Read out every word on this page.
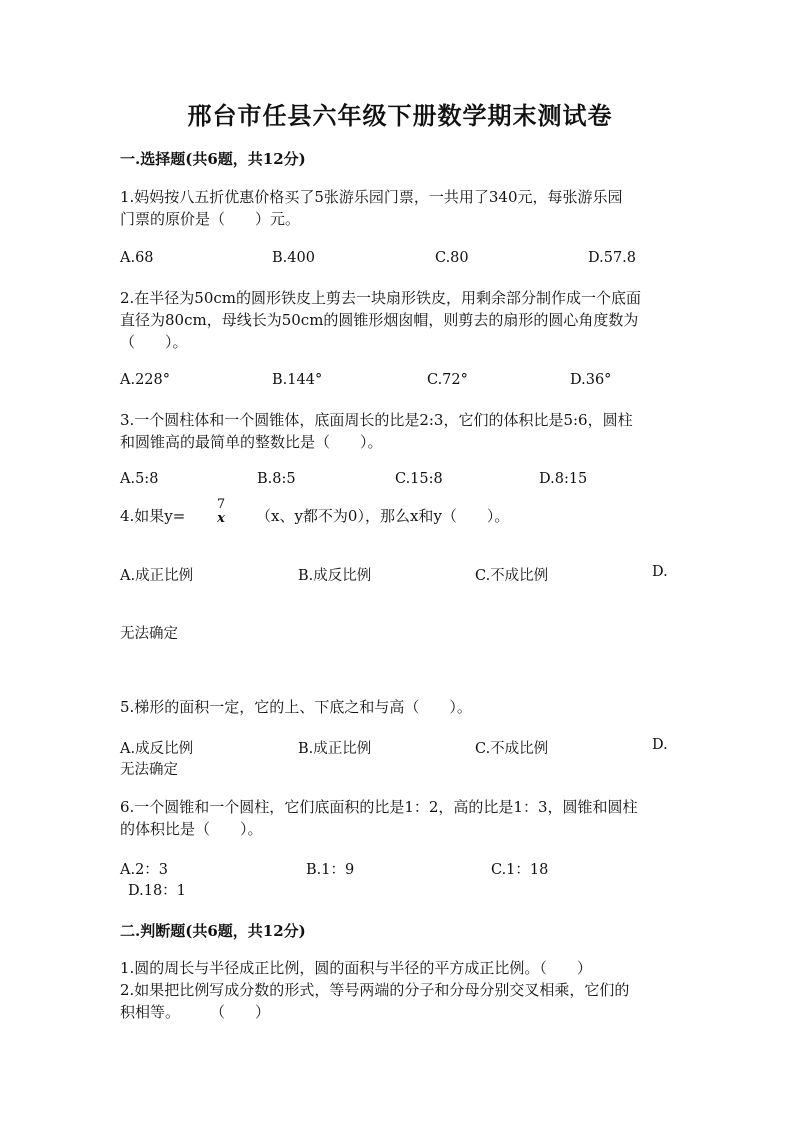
邢台市任县六年级下册数学期末测试卷
一.选择题(共6题，共12分)
1.妈妈按八五折优惠价格买了5张游乐园门票，一共用了340元，每张游乐园
门票的原价是（　　）元。
A.68	B.400	C.80	D.57.8
2.在半径为50cm的圆形铁皮上剪去一块扇形铁皮，用剩余部分制作成一个底面
直径为80cm，母线长为50cm的圆锥形烟囱帽，则剪去的扇形的圆心角度数为
（　　）。
A.228°	B.144°	C.72°	D.36°
3.一个圆柱体和一个圆锥体，底面周长的比是2:3，它们的体积比是5:6，圆柱
和圆锥高的最简单的整数比是（　　）。
A.5:8	B.8:5	C.15:8	D.8:15
4.如果y=
7
x （x、y都不为0），那么x和y（　　）。
A.成正比例	B.成反比例	C.不成比例	D.
无法确定
5.梯形的面积一定，它的上、下底之和与高（　　）。
A.成反比例	B.成正比例	C.不成比例	D.
无法确定
6.一个圆锥和一个圆柱，它们底面积的比是1：2，高的比是1：3，圆锥和圆柱
的体积比是（　　）。
A.2：3	B.1：9	C.1：18
D.18：1
二.判断题(共6题，共12分)
1.圆的周长与半径成正比例，圆的面积与半径的平方成正比例。（　　）
2.如果把比例写成分数的形式，等号两端的分子和分母分别交叉相乘，它们的
积相等。　　　（　　）
